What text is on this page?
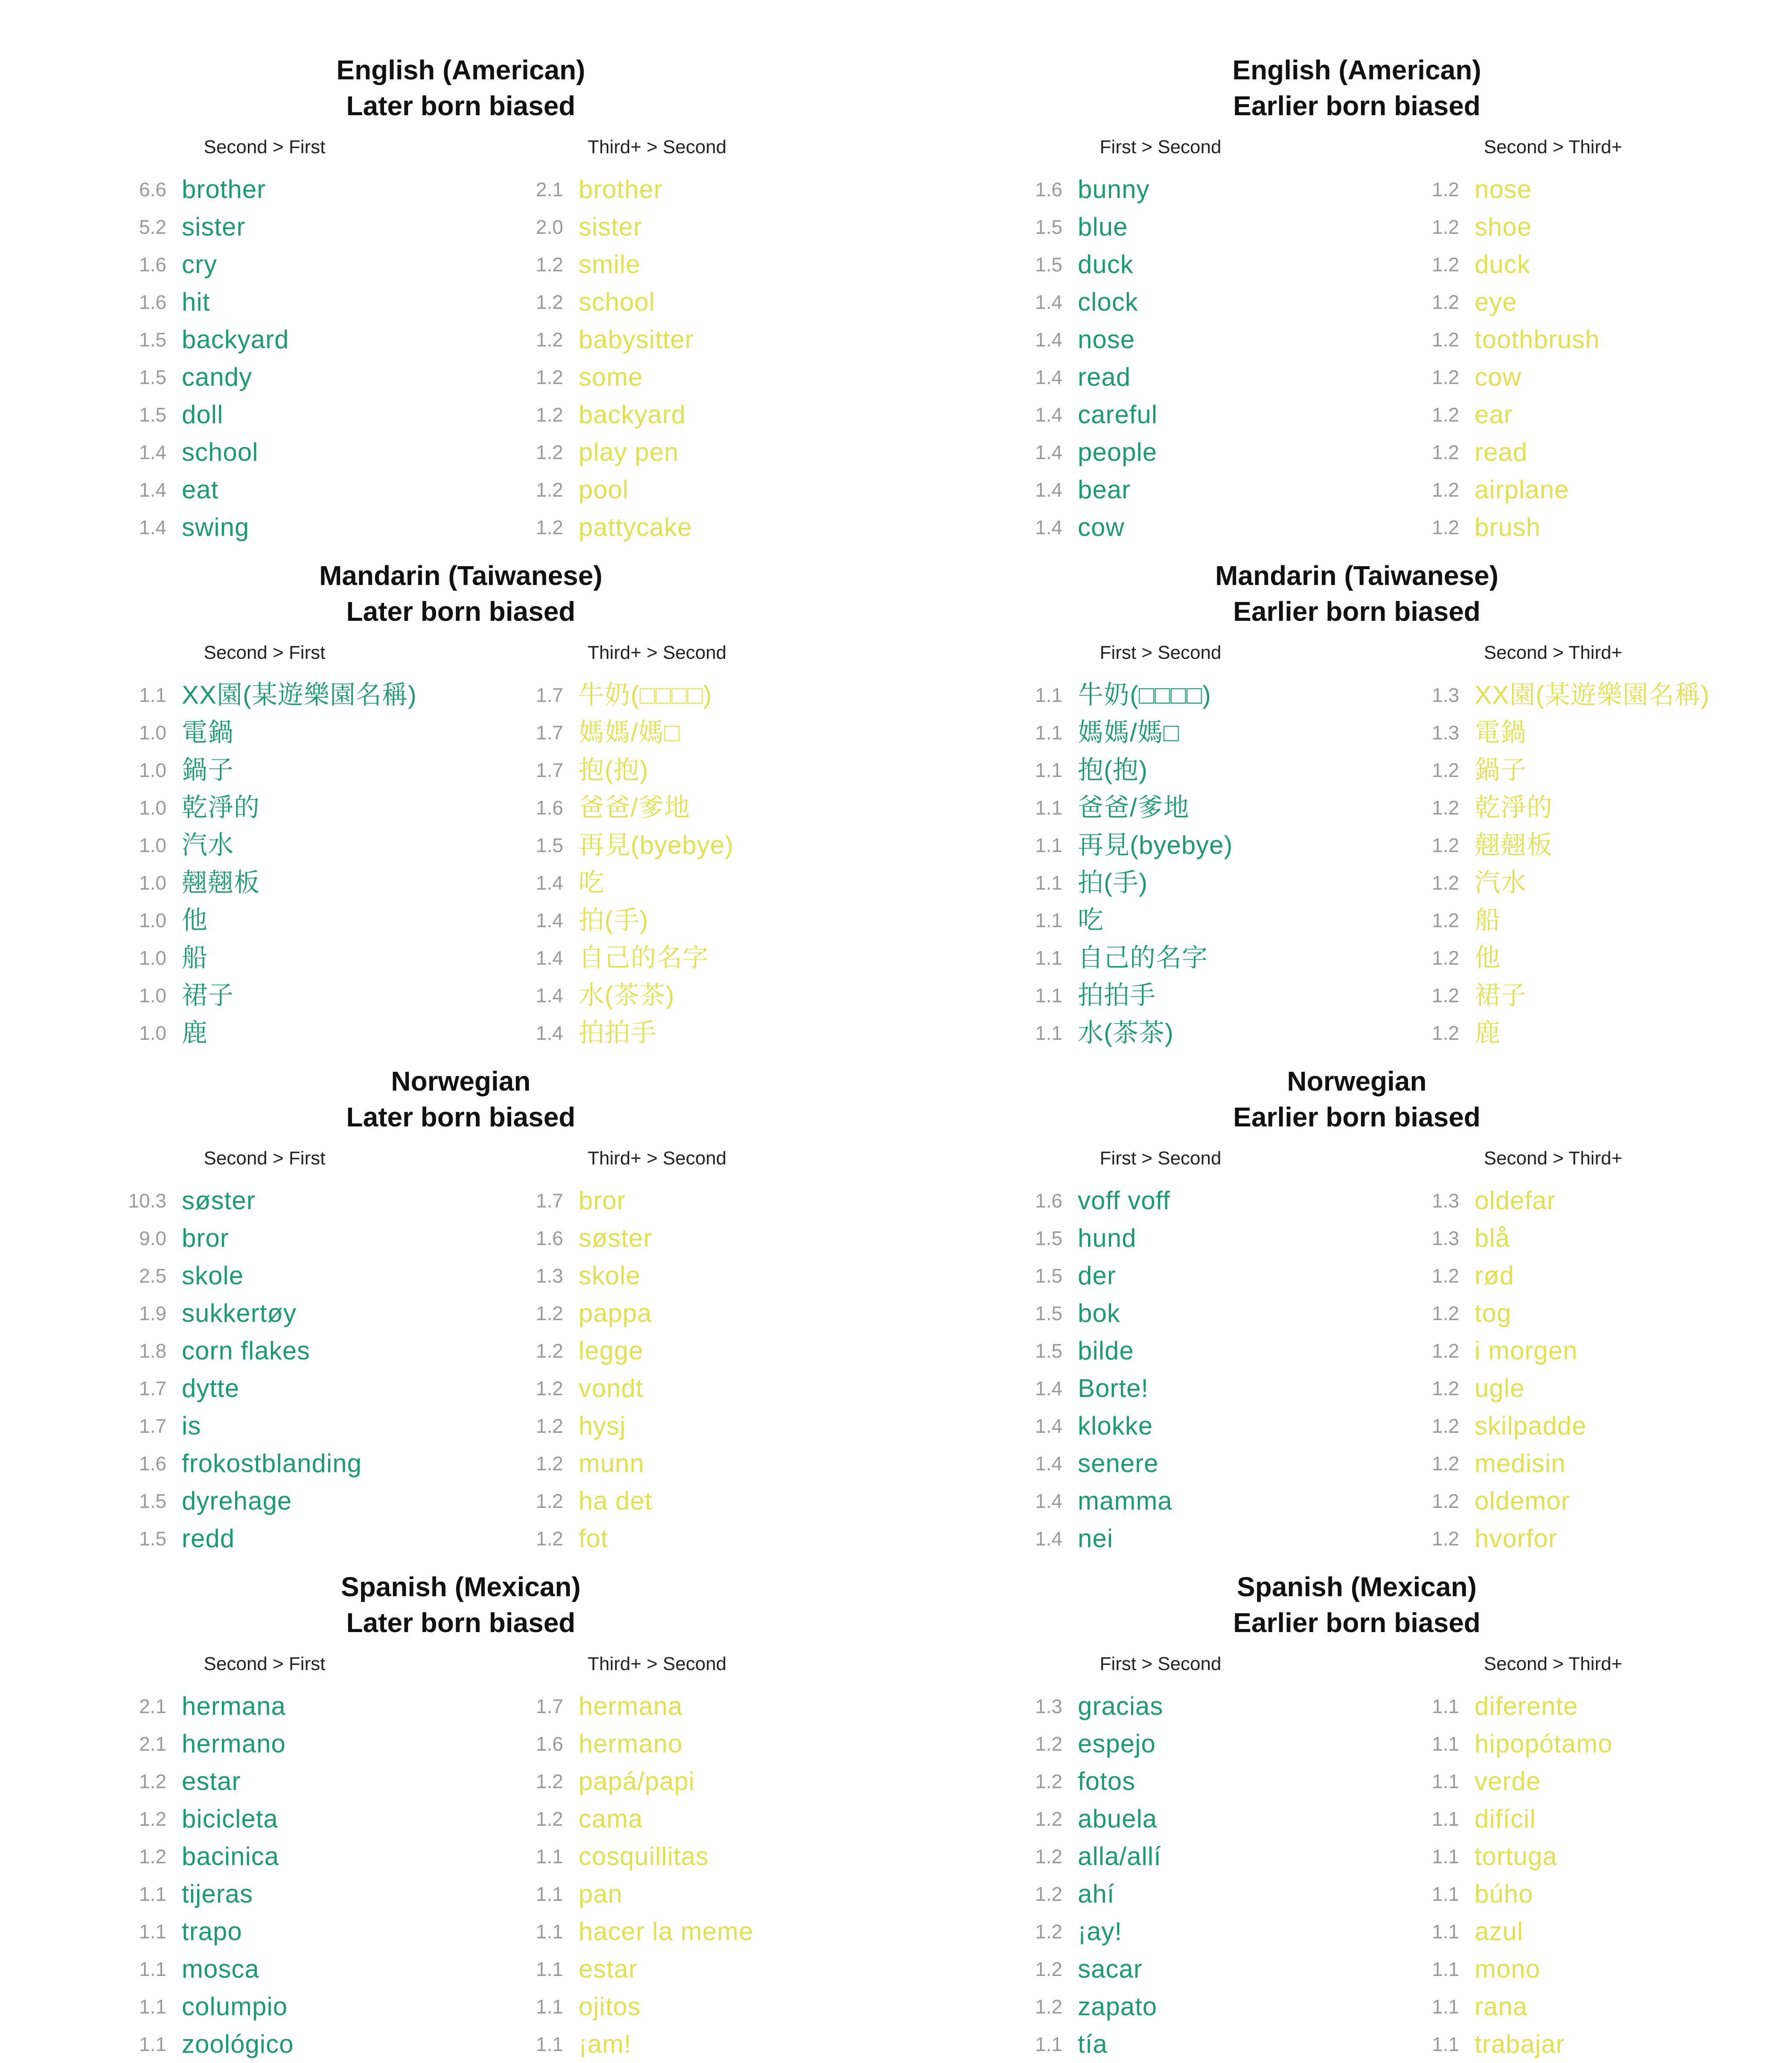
English (American)
Later born biased
Second > First
6.6 brother
5.2 sister
1.6 cry
1.6 hit
1.5 backyard
1.5 candy
1.5 doll
1.4 school
1.4 eat
1.4 swing
Third+ > Second
2.1 brother
2.0 sister
1.2 smile
1.2 school
1.2 babysitter
1.2 some
1.2 backyard
1.2 play pen
1.2 pool
1.2 pattycake
English (American)
Earlier born biased
First > Second
1.6 bunny
1.5 blue
1.5 duck
1.4 clock
1.4 nose
1.4 read
1.4 careful
1.4 people
1.4 bear
1.4 cow
Second > Third+
1.2 nose
1.2 shoe
1.2 duck
1.2 eye
1.2 toothbrush
1.2 cow
1.2 ear
1.2 read
1.2 airplane
1.2 brush
Mandarin (Taiwanese)
Later born biased
Second > First
1.1 XX園(某遊樂園名稱)
1.0 電鍋
1.0 鍋子
1.0 乾淨的
1.0 汽水
1.0 翹翹板
1.0 他
1.0 船
1.0 裙子
1.0 鹿
Third+ > Second
1.7 牛奶(□□□□)
1.7 媽媽/媽□
1.7 抱(抱)
1.6 爸爸/爹地
1.5 再見(byebye)
1.4 吃
1.4 拍(手)
1.4 自己的名字
1.4 水(茶茶)
1.4 拍拍手
Mandarin (Taiwanese)
Earlier born biased
First > Second
1.1 牛奶(□□□□)
1.1 媽媽/媽□
1.1 抱(抱)
1.1 爸爸/爹地
1.1 再見(byebye)
1.1 拍(手)
1.1 吃
1.1 自己的名字
1.1 拍拍手
1.1 水(茶茶)
Second > Third+
1.3 XX園(某遊樂園名稱)
1.3 電鍋
1.2 鍋子
1.2 乾淨的
1.2 翹翹板
1.2 汽水
1.2 船
1.2 他
1.2 裙子
1.2 鹿
Norwegian
Later born biased
Second > First
10.3 søster
9.0 bror
2.5 skole
1.9 sukkertøy
1.8 corn flakes
1.7 dytte
1.7 is
1.6 frokostblanding
1.5 dyrehage
1.5 redd
Third+ > Second
1.7 bror
1.6 søster
1.3 skole
1.2 pappa
1.2 legge
1.2 vondt
1.2 hysj
1.2 munn
1.2 ha det
1.2 fot
Norwegian
Earlier born biased
First > Second
1.6 voff voff
1.5 hund
1.5 der
1.5 bok
1.5 bilde
1.4 Borte!
1.4 klokke
1.4 senere
1.4 mamma
1.4 nei
Second > Third+
1.3 oldefar
1.3 blå
1.2 rød
1.2 tog
1.2 i morgen
1.2 ugle
1.2 skilpadde
1.2 medisin
1.2 oldemor
1.2 hvorfor
Spanish (Mexican)
Later born biased
Second > First
2.1 hermana
2.1 hermano
1.2 estar
1.2 bicicleta
1.2 bacinica
1.1 tijeras
1.1 trapo
1.1 mosca
1.1 columpio
1.1 zoológico
Third+ > Second
1.7 hermana
1.6 hermano
1.2 papá/papi
1.2 cama
1.1 cosquillitas
1.1 pan
1.1 hacer la meme
1.1 estar
1.1 ojitos
1.1 ¡am!
Spanish (Mexican)
Earlier born biased
First > Second
1.3 gracias
1.2 espejo
1.2 fotos
1.2 abuela
1.2 alla/allí
1.2 ahí
1.2 ¡ay!
1.2 sacar
1.2 zapato
1.1 tía
Second > Third+
1.1 diferente
1.1 hipopótamo
1.1 verde
1.1 difícil
1.1 tortuga
1.1 búho
1.1 azul
1.1 mono
1.1 rana
1.1 trabajar
